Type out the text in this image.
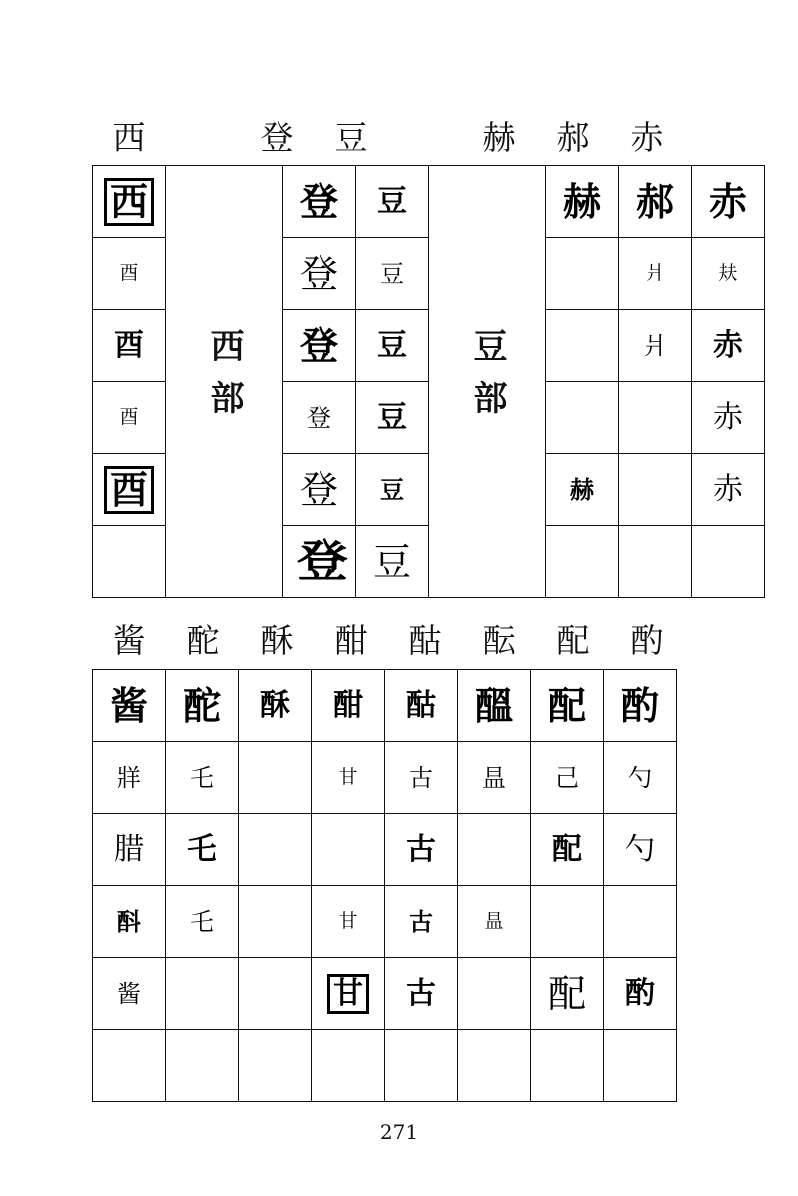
西	登	豆	赫	郝	赤
西	西部	登	豆	豆部	赫	郝	赤
酉		登	豆			爿	㚘
酉		登	豆			爿	赤
酉		登	豆				赤
酉		登	豆		赫		赤
		登	豆				
酱	酡	酥	酣	酤	酝	配	酌
酱	酡	酥	酣	酤	醞	配	酌
牂	乇		甘	古	昷	己	勺
腊	乇			古		配	勺
酙	乇		甘	古	昷		
酱			甘	古		配	酌

271
